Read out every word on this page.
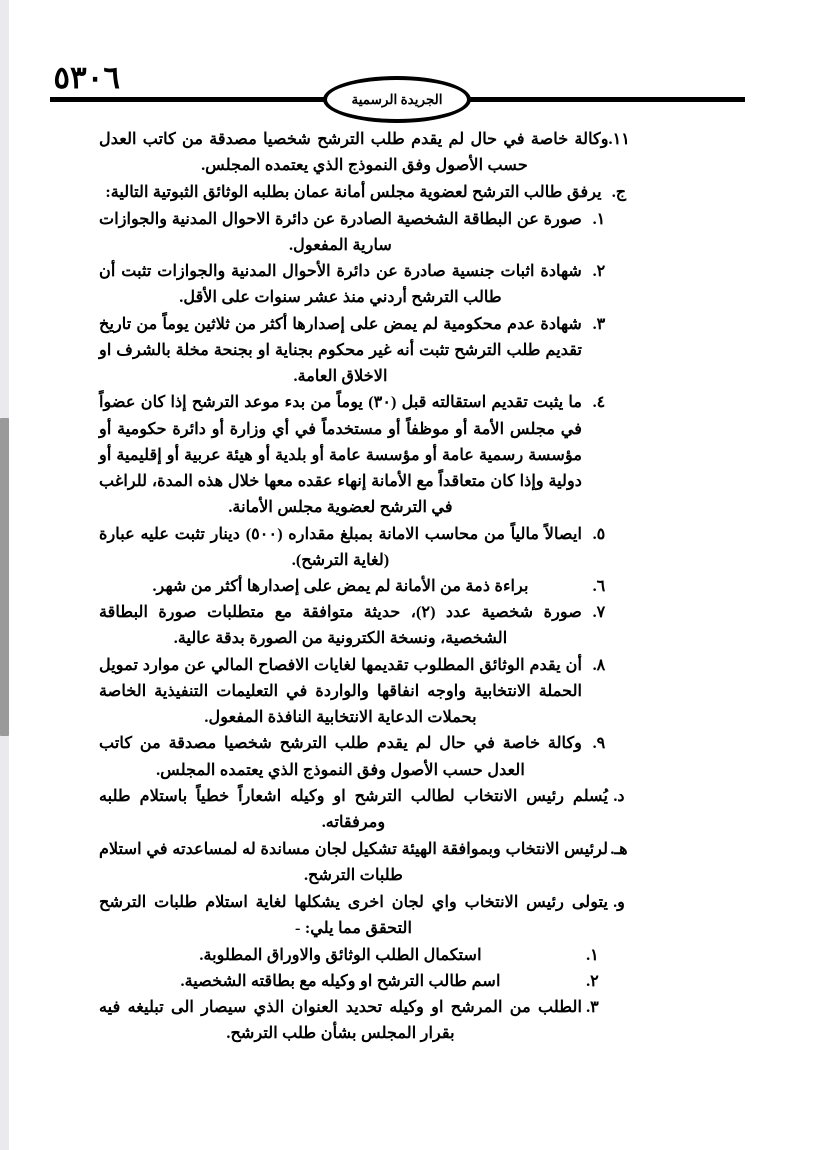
٥٣٠٦
الجريدة الرسمية

١١.وكالة خاصة في حال لم يقدم طلب الترشح شخصيا مصدقة من كاتب العدل حسب الأصول وفق النموذج الذي يعتمده المجلس.

ج.
يرفق طالب الترشح لعضوية مجلس أمانة عمان بطلبه الوثائق الثبوتية التالية:
١.
صورة عن البطاقة الشخصية الصادرة عن دائرة الاحوال المدنية والجوازات سارية المفعول.
٢.
شهادة اثبات جنسية صادرة عن دائرة الأحوال المدنية والجوازات تثبت أن طالب الترشح أردني منذ عشر سنوات على الأقل.
٣.
شهادة عدم محكومية لم يمض على إصدارها أكثر من ثلاثين يوماً من تاريخ تقديم طلب الترشح تثبت أنه غير محكوم بجناية او بجنحة مخلة بالشرف او الاخلاق العامة.
٤.
ما يثبت تقديم استقالته قبل (٣٠) يوماً من بدء موعد الترشح إذا كان عضواً في مجلس الأمة أو موظفاً أو مستخدماً في أي وزارة أو دائرة حكومية أو مؤسسة رسمية عامة أو مؤسسة عامة أو بلدية أو هيئة عربية أو إقليمية أو دولية وإذا كان متعاقداً مع الأمانة إنهاء عقده معها خلال هذه المدة، للراغب في الترشح لعضوية مجلس الأمانة.
٥.
ايصالاً مالياً من محاسب الامانة بمبلغ مقداره (٥٠٠) دينار تثبت عليه عبارة (لغاية الترشح).
٦.
براءة ذمة من الأمانة لم يمض على إصدارها أكثر من شهر.
٧.
صورة شخصية عدد (٢)، حديثة متوافقة مع متطلبات صورة البطاقة الشخصية، ونسخة الكترونية من الصورة بدقة عالية.
٨.
أن يقدم الوثائق المطلوب تقديمها لغايات الافصاح المالي عن موارد تمويل الحملة الانتخابية واوجه انفاقها والواردة في التعليمات التنفيذية الخاصة بحملات الدعاية الانتخابية النافذة المفعول.
٩.
وكالة خاصة في حال لم يقدم طلب الترشح شخصيا مصدقة من كاتب العدل حسب الأصول وفق النموذج الذي يعتمده المجلس.
د.
يُسلم رئيس الانتخاب لطالب الترشح او وكيله اشعاراً خطياً باستلام طلبه ومرفقاته.
هـ.
لرئيس الانتخاب وبموافقة الهيئة تشكيل لجان مساندة له لمساعدته في استلام طلبات الترشح.
و.
يتولى رئيس الانتخاب واي لجان اخرى يشكلها لغاية استلام طلبات الترشح التحقق مما يلي: -
١.
استكمال الطلب الوثائق والاوراق المطلوبة.
٢.
اسم طالب الترشح او وكيله مع بطاقته الشخصية.
٣.
الطلب من المرشح او وكيله تحديد العنوان الذي سيصار الى تبليغه فيه بقرار المجلس بشأن طلب الترشح.
